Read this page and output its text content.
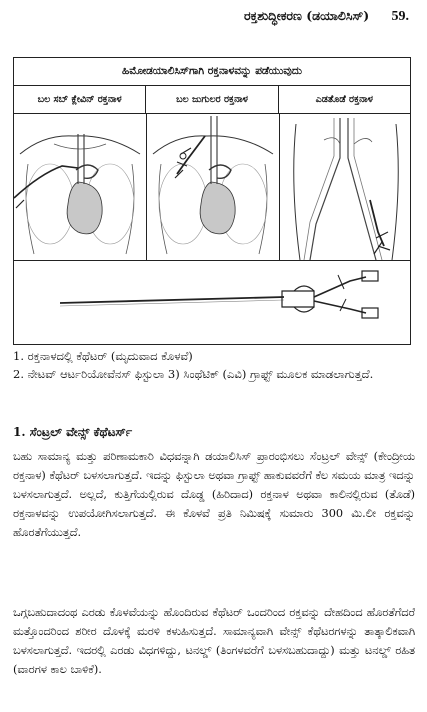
ರಕ್ತಶುದ್ಧೀಕರಣ (ಡಯಾಲಿಸಿಸ್) 59.
ಹಿಮೋಡಯಾಲಿಸಿಸ್‌ಗಾಗಿ ರಕ್ತನಾಳವನ್ನು ಪಡೆಯುವುದು
ಬಲ ಸಬ್ ಕ್ಲೇವಿನ್ ರಕ್ತನಾಳ	ಬಲ ಜುಗುಲರ ರಕ್ತನಾಳ	ಎಡತೊಡೆ ರಕ್ತನಾಳ
1. ರಕ್ತನಾಳದಲ್ಲಿ ಕೆಥೆಟರ್ (ಮೃದುವಾದ ಕೊಳವೆ)
2. ನೇಟವ್ ಆರ್ಟರಿಯೋವೆನಸ್ ಫಿಸ್ಟುಲಾ 3) ಸಿಂಥೆಟಿಕ್ (ಎವಿ) ಗ್ರಾಫ್ಟ್ ಮೂಲಕ ಮಾಡಲಾಗುತ್ತದೆ.
1. ಸೆಂಟ್ರಲ್ ವೇನ್ಸ್ ಕೆಥೆಟರ್ಸ್
ಬಹು ಸಾಮಾನ್ಯ ಮತ್ತು ಪರಿಣಾಮಕಾರಿ ವಿಧವನ್ನಾಗಿ ಡಯಾಲಿಸಿಸ್ ಪ್ರಾರಂಭಿಸಲು ಸೆಂಟ್ರಲ್ ವೇನ್ಸ್ (ಕೇಂದ್ರೀಯ ರಕ್ತನಾಳ) ಕೆಥೆಟರ್ ಬಳಸಲಾಗುತ್ತದೆ. ಇದನ್ನು ಫಿಸ್ಟುಲಾ ಅಥವಾ ಗ್ರಾಫ್ಟ್ ಹಾಕುವವರೆಗೆ ಕೆಲ ಸಮಯ ಮಾತ್ರ ಇದನ್ನು ಬಳಸಲಾಗುತ್ತದೆ. ಅಲ್ಲದೆ, ಕುತ್ತಿಗೆಯಲ್ಲಿರುವ ದೊಡ್ಡ (ಹಿರಿದಾದ) ರಕ್ತನಾಳ ಅಥವಾ ಕಾಲಿನಲ್ಲಿರುವ (ತೊಡೆ) ರಕ್ತನಾಳವನ್ನು ಉಪಯೋಗಿಸಲಾಗುತ್ತದೆ. ಈ ಕೊಳವೆ ಪ್ರತಿ ನಿಮಿಷಕ್ಕೆ ಸುಮಾರು 300 ಮಿ.ಲೀ ರಕ್ತವನ್ನು ಹೊರತೆಗೆಯುತ್ತದೆ.
ಒಗ್ಗಬಹುದಾದಂಥ ಎರಡು ಕೊಳವೆಯನ್ನು ಹೊಂದಿರುವ ಕೆಥೆಟರ್ ಒಂದರಿಂದ ರಕ್ತವನ್ನು ದೇಹದಿಂದ ಹೊರತೆಗೆದರೆ ಮತ್ತೊಂದರಿಂದ ಶರೀರ ದೊಳಕ್ಕೆ ಮರಳಿ ಕಳುಹಿಸುತ್ತದೆ. ಸಾಮಾನ್ಯವಾಗಿ ವೇನ್ಸ್ ಕೆಥೆಟರಗಳನ್ನು ತಾತ್ಕಾಲಿಕವಾಗಿ ಬಳಸಲಾಗುತ್ತದೆ. ಇದರಲ್ಲಿ ಎರಡು ವಿಧಗಳಿದ್ದು, ಟನಲ್ಡ್ (ತಿಂಗಳವರೆಗೆ ಬಳಸಬಹುದಾದ್ದು) ಮತ್ತು ಟನಲ್ಡ್ ರಹಿತ (ವಾರಗಳ ಕಾಲ ಬಾಳಿಕೆ).
